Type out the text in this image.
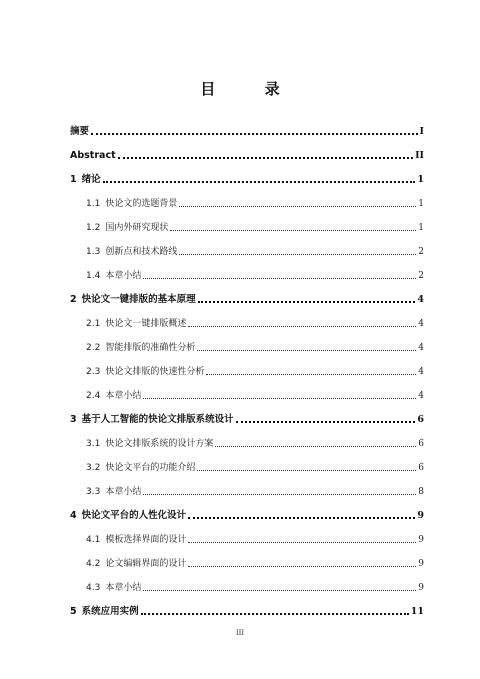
目 录
摘要	I
Abstract	II
1 绪论	1
1.1 快论文的选题背景	1
1.2 国内外研究现状	1
1.3 创新点和技术路线	2
1.4 本章小结	2
2 快论文一键排版的基本原理	4
2.1 快论文一键排版概述	4
2.2 智能排版的准确性分析	4
2.3 快论文排版的快速性分析	4
2.4 本章小结	4
3 基于人工智能的快论文排版系统设计	6
3.1 快论文排版系统的设计方案	6
3.2 快论文平台的功能介绍	6
3.3 本章小结	8
4 快论文平台的人性化设计	9
4.1 模板选择界面的设计	9
4.2 论文编辑界面的设计	9
4.3 本章小结	9
5 系统应用实例	11
III
